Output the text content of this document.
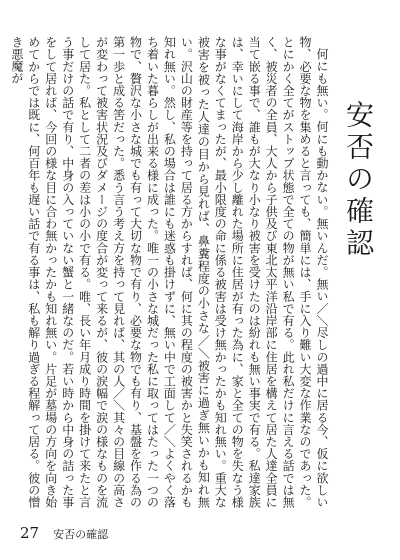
安否の確認

何にも無い。何にも動かない。無いんだ。無い／＼尽しの過中に居る今、仮に欲しい物、必要な物を集めると言っても、簡単には、手に入り難い大変な作業なのであった。とにかく全てがストップ状態で全ての物が無い私で有る。此れ私だけに言える話では無く、被災者の全員、大人から子供及び東北太平洋沿岸部に住居を構えて居た人達全員に当て嵌る事で、誰もが大なり小なり被害を受けたのは紛れも無い事実で有る。私達家族は、幸いにして海岸から少し離れた場所に住居が有った為に、家と全ての物を失なう様な事がなくてまったが、最小限度の命に係る被害は受け無かったかも知れ無い。重大な被害を被った人達の目から見れば、鼻糞程度の小さな／＼被害に過ぎ無いかも知れ無い。沢山の財産等を持って居る方からすれば、何に其の程度の被害かと失笑されるかも知れ無い。然し、私の場合は誰にも迷惑も掛けずに、無い中で工面して／＼よくやく落ち着いた暮らしが出来る様に成った。唯一の小さな城だった私に取ってはたった一つの物で、贅沢な小さな城でも有って大切な物で有り、必要な物でも有り、基盤を作る為の第一歩と成る筈だった。悉う言う考え方を持って見れば、其の人／＼其々の目線の高さが変わって被害状況及びダメージの度合が変って来るが、彼の涙幅で涙の様なものを流して居た。私として二者の差は小の小で有る。唯、長い年月成り時間を掛けて来たと言う事だけの話で有り、中身の入っていない蟹と一緒なのだ。若い時から中身の詰った事をして居れば、今回の様な目に合わ無かったかも知れ無い。片足が墓場の方向を向き始めてからでは既に、何百年も遅い話で有る事は、私も解り過ぎる程解って居る。彼の憎き悪魔が

27 安否の確認
